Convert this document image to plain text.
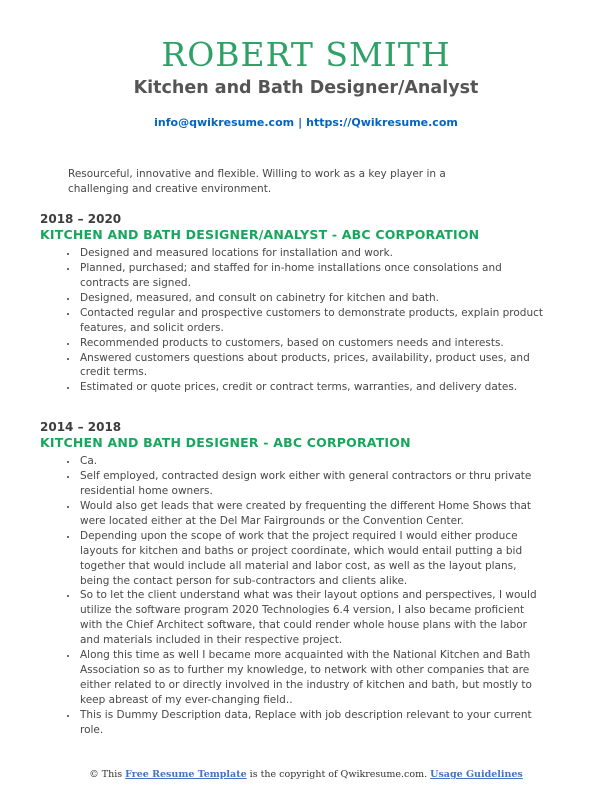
ROBERT SMITH
Kitchen and Bath Designer/Analyst
info@qwikresume.com | https://Qwikresume.com

Resourceful, innovative and flexible. Willing to work as a key player in a challenging and creative environment.

2018 – 2020
KITCHEN AND BATH DESIGNER/ANALYST - ABC CORPORATION
• Designed and measured locations for installation and work.
• Planned, purchased; and staffed for in-home installations once consolations and contracts are signed.
• Designed, measured, and consult on cabinetry for kitchen and bath.
• Contacted regular and prospective customers to demonstrate products, explain product features, and solicit orders.
• Recommended products to customers, based on customers needs and interests.
• Answered customers questions about products, prices, availability, product uses, and credit terms.
• Estimated or quote prices, credit or contract terms, warranties, and delivery dates.
2014 – 2018
KITCHEN AND BATH DESIGNER - ABC CORPORATION
• Ca.
• Self employed, contracted design work either with general contractors or thru private residential home owners.
• Would also get leads that were created by frequenting the different Home Shows that were located either at the Del Mar Fairgrounds or the Convention Center.
• Depending upon the scope of work that the project required I would either produce layouts for kitchen and baths or project coordinate, which would entail putting a bid together that would include all material and labor cost, as well as the layout plans, being the contact person for sub-contractors and clients alike.
• So to let the client understand what was their layout options and perspectives, I would utilize the software program 2020 Technologies 6.4 version, I also became proficient with the Chief Architect software, that could render whole house plans with the labor and materials included in their respective project.
• Along this time as well I became more acquainted with the National Kitchen and Bath Association so as to further my knowledge, to network with other companies that are either related to or directly involved in the industry of kitchen and bath, but mostly to keep abreast of my ever-changing field..
• This is Dummy Description data, Replace with job description relevant to your current role.
© This Free Resume Template is the copyright of Qwikresume.com. Usage Guidelines
